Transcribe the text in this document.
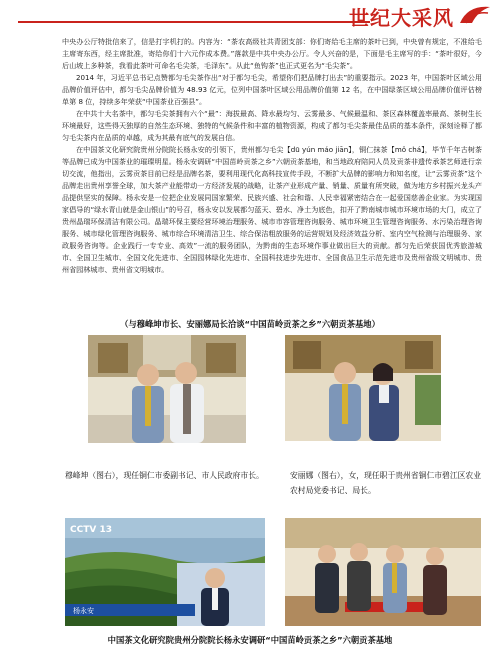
世纪大采风

中央办公厅特批信来了，信是打字机打的。内容为：“茶农高级社共青团支部：你们寄给毛主席的茶叶已到，中央曾有规定，不准给毛主席寄东西，经主席批准，寄给你们十六元作成本费。”落款是中共中央办公厅。令人兴奋的是，下面是毛主席写的手：“茶叶很好，今后山坡上多种茶，我看此茶叶可命名毛尖茶，毛泽东”。从此“鱼钩茶”也正式更名为“毛尖茶”。

2014 年，习近平总书记点赞都匀毛尖茶作出“对于都匀毛尖，希望你们把品牌打出去”的重要指示。2023 年，中国茶叶区域公用品牌价值评估中，都匀毛尖品牌价值为 48.93 亿元，位列中国茶叶区域公用品牌价值第 12 名，在中国绿茶区域公用品牌价值评估榜单第 8 位，持续多年荣获“中国茶业百强县”。

在中共十大名茶中，都匀毛尖茶拥有六个“最”：海拔最高、降水最均匀、云雾最多、气候最温和、茶区森林覆盖率最高、茶树生长环境最好，这些得天独厚的自然生态环境、独特的气候条件和丰富的植物资源，构成了都匀毛尖茶最佳品质的基本条件，深刻诠释了都匀毛尖茶内在品质的卓越，成为其最有底气的发展自信。

在中国茶文化研究院贵州分院院长杨永安的引领下，贵州都匀毛尖【dū yún máo jiān】，铜仁抹茶【mǒ chá】，毕节千年古树茶等品牌已成为中国茶业的璀璨明星。杨永安调研“中国苗岭贡茶之乡”六朝贡茶基地，和当地政府陪同人员及贡茶非遗传承茶艺师进行亲切交流，他指出，云雾贡茶目前已经是品牌名茶，要利用现代化高科技宣传手段，不断扩大品牌的影响力和知名度，让“云雾贡茶”这个品牌走出贵州享誉全球，加大茶产业能带动一方经济发展的战略，让茶产业形成产量、销量、质量有所突破，做为地方乡村振兴龙头产品提供坚实的保障。杨永安是一位把企业发展同国家繁荣、民族兴盛、社会和谐、人民幸福紧密结合在一起爱国慈善企业家。为实现国家倡导的“绿水青山就是金山银山”的号召，杨永安以发展都匀蓝天、碧水、净土为底色，扣开了黔南城市城市环境市场的大门，成立了贵州晶瑞环保清洁有限公司。晶瑞环保主要经营环境治理服务、城市市容管理咨询服务、城市环境卫生管理咨询服务、水污染治理咨询服务、城市绿化管理咨询服务、城市综合环境清洁卫生、综合保洁粗放服务的运营规划及经济效益分析、室内空气检测与治理服务、家政服务咨询等。企业践行一专专业、高效”一流的服务团队，为黔南的生态环境作事业做出巨大的贡献。都匀先后荣获国优秀旅游城市、全国卫生城市、全国文化先进市、全国园林绿化先进市、全国科技进步先进市、全国食品卫生示范先进市及贵州省级文明城市、贵州省园林城市、贵州省文明城市。

（与穆峰坤市长、安丽娜局长洽谈“中国苗岭贡茶之乡”六朝贡茶基地）
穆峰坤（图右），现任铜仁市委副书记、市人民政府市长。	安丽娜（图右），女，现任职于贵州省铜仁市碧江区农业农村局党委书记、局长。
CCTV 13
杨永安
中国茶文化研究院贵州分院院长杨永安调研“中国苗岭贡茶之乡”六朝贡茶基地
